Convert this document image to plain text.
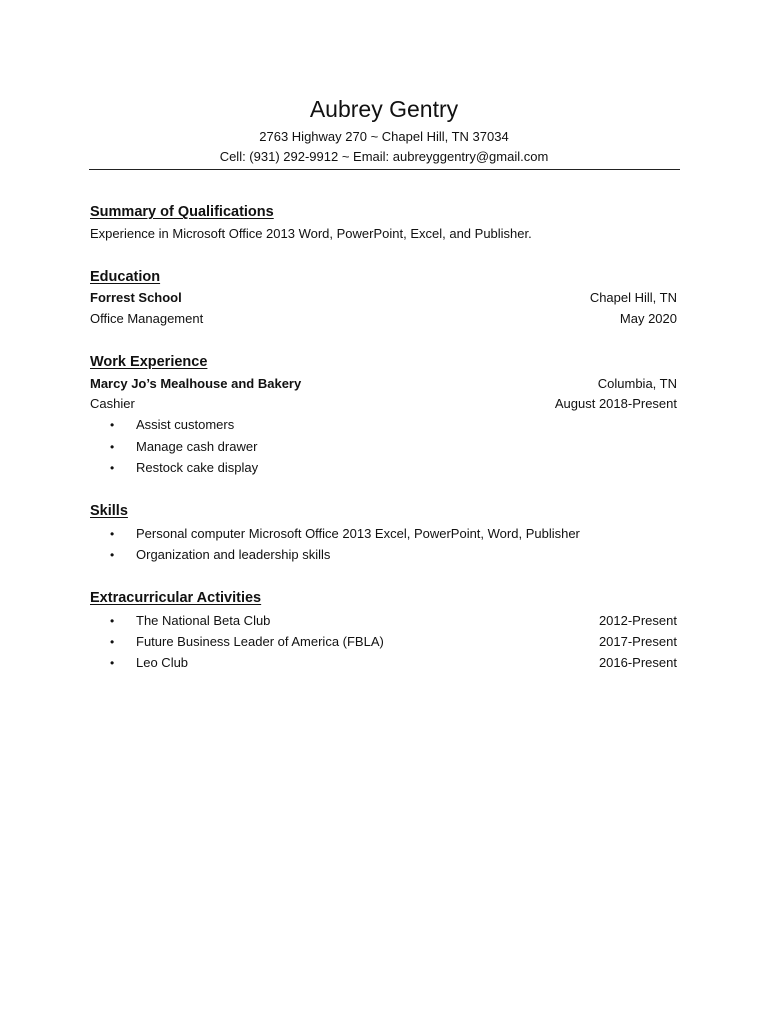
Aubrey Gentry
2763 Highway 270 ~ Chapel Hill, TN 37034
Cell: (931) 292-9912 ~ Email: aubreyggentry@gmail.com
Summary of Qualifications
Experience in Microsoft Office 2013 Word, PowerPoint, Excel, and Publisher.
Education
Forrest School	Chapel Hill, TN
Office Management	May 2020
Work Experience
Marcy Jo’s Mealhouse and Bakery	Columbia, TN
Cashier	August 2018-Present
•	Assist customers
•	Manage cash drawer
•	Restock cake display
Skills
•	Personal computer Microsoft Office 2013 Excel, PowerPoint, Word, Publisher
•	Organization and leadership skills
Extracurricular Activities
•	The National Beta Club	2012-Present
•	Future Business Leader of America (FBLA)	2017-Present
•	Leo Club	2016-Present
